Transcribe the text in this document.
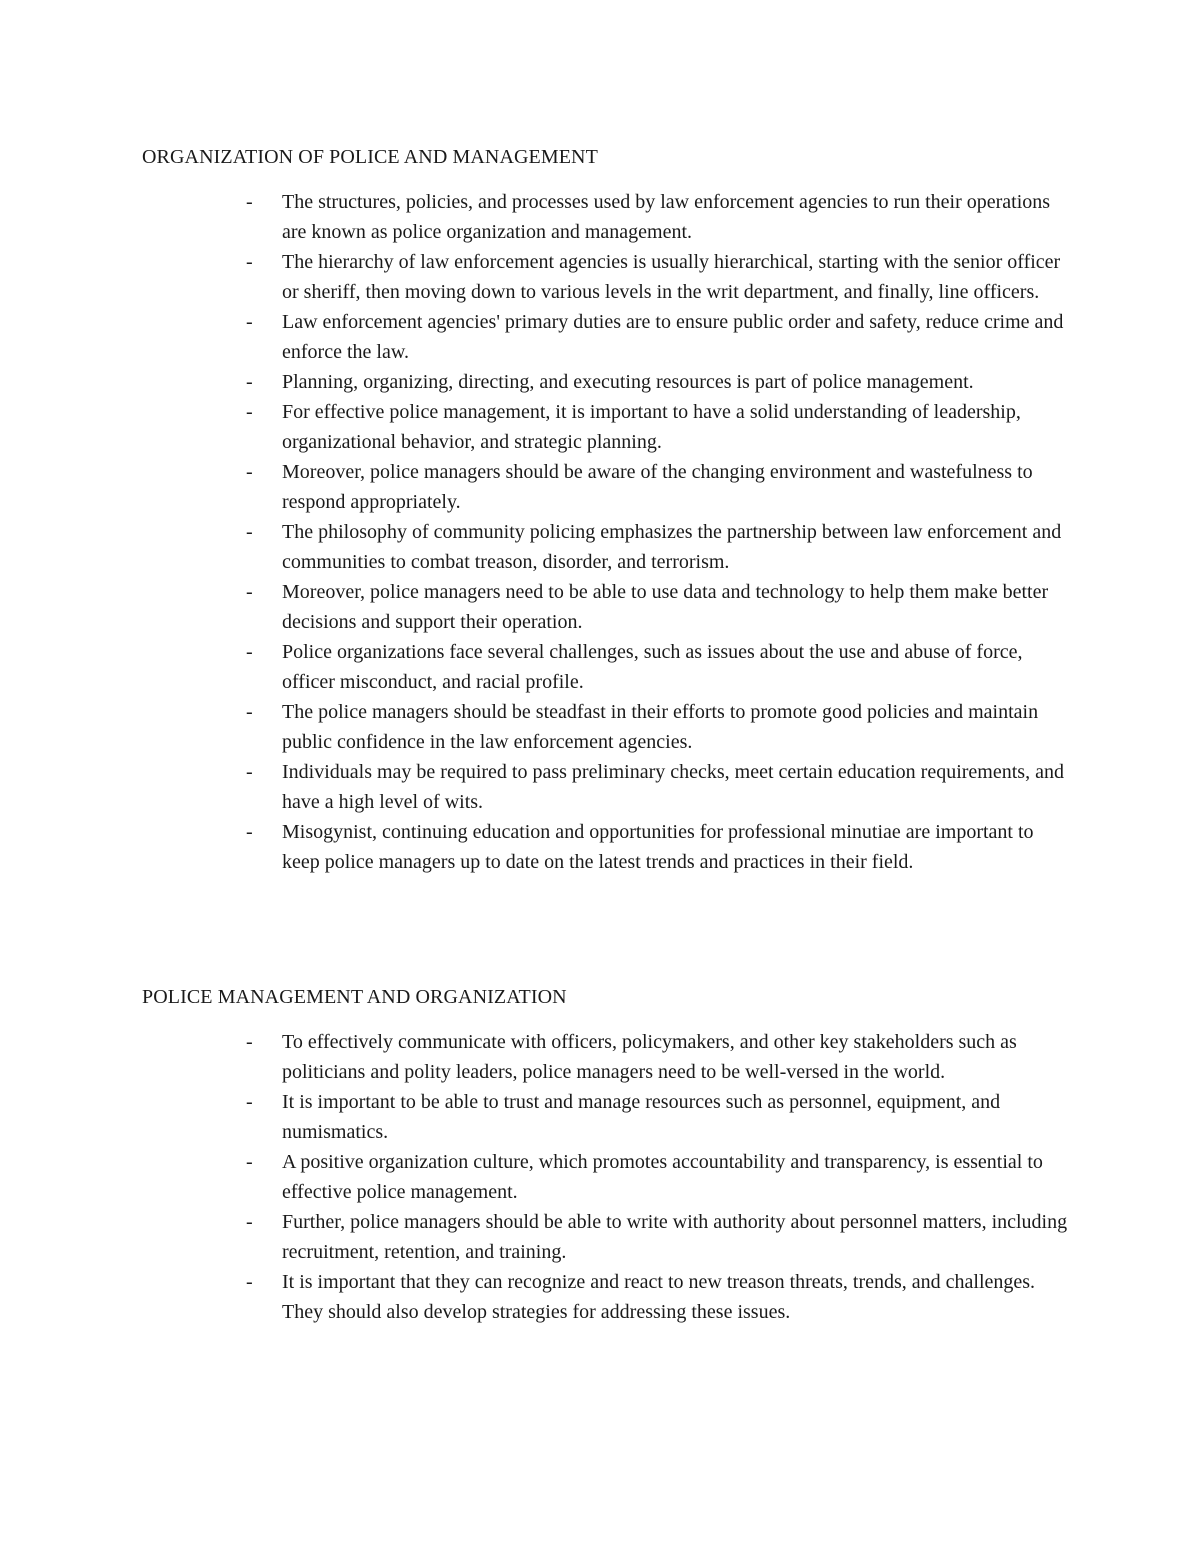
ORGANIZATION OF POLICE AND MANAGEMENT
- The structures, policies, and processes used by law enforcement agencies to run their operations are known as police organization and management.
- The hierarchy of law enforcement agencies is usually hierarchical, starting with the senior officer or sheriff, then moving down to various levels in the writ department, and finally, line officers.
- Law enforcement agencies' primary duties are to ensure public order and safety, reduce crime and enforce the law.
- Planning, organizing, directing, and executing resources is part of police management.
- For effective police management, it is important to have a solid understanding of leadership, organizational behavior, and strategic planning.
- Moreover, police managers should be aware of the changing environment and wastefulness to respond appropriately.
- The philosophy of community policing emphasizes the partnership between law enforcement and communities to combat treason, disorder, and terrorism.
- Moreover, police managers need to be able to use data and technology to help them make better decisions and support their operation.
- Police organizations face several challenges, such as issues about the use and abuse of force, officer misconduct, and racial profile.
- The police managers should be steadfast in their efforts to promote good policies and maintain public confidence in the law enforcement agencies.
- Individuals may be required to pass preliminary checks, meet certain education requirements, and have a high level of wits.
- Misogynist, continuing education and opportunities for professional minutiae are important to keep police managers up to date on the latest trends and practices in their field.
POLICE MANAGEMENT AND ORGANIZATION
- To effectively communicate with officers, policymakers, and other key stakeholders such as politicians and polity leaders, police managers need to be well-versed in the world.
- It is important to be able to trust and manage resources such as personnel, equipment, and numismatics.
- A positive organization culture, which promotes accountability and transparency, is essential to effective police management.
- Further, police managers should be able to write with authority about personnel matters, including recruitment, retention, and training.
- It is important that they can recognize and react to new treason threats, trends, and challenges. They should also develop strategies for addressing these issues.
